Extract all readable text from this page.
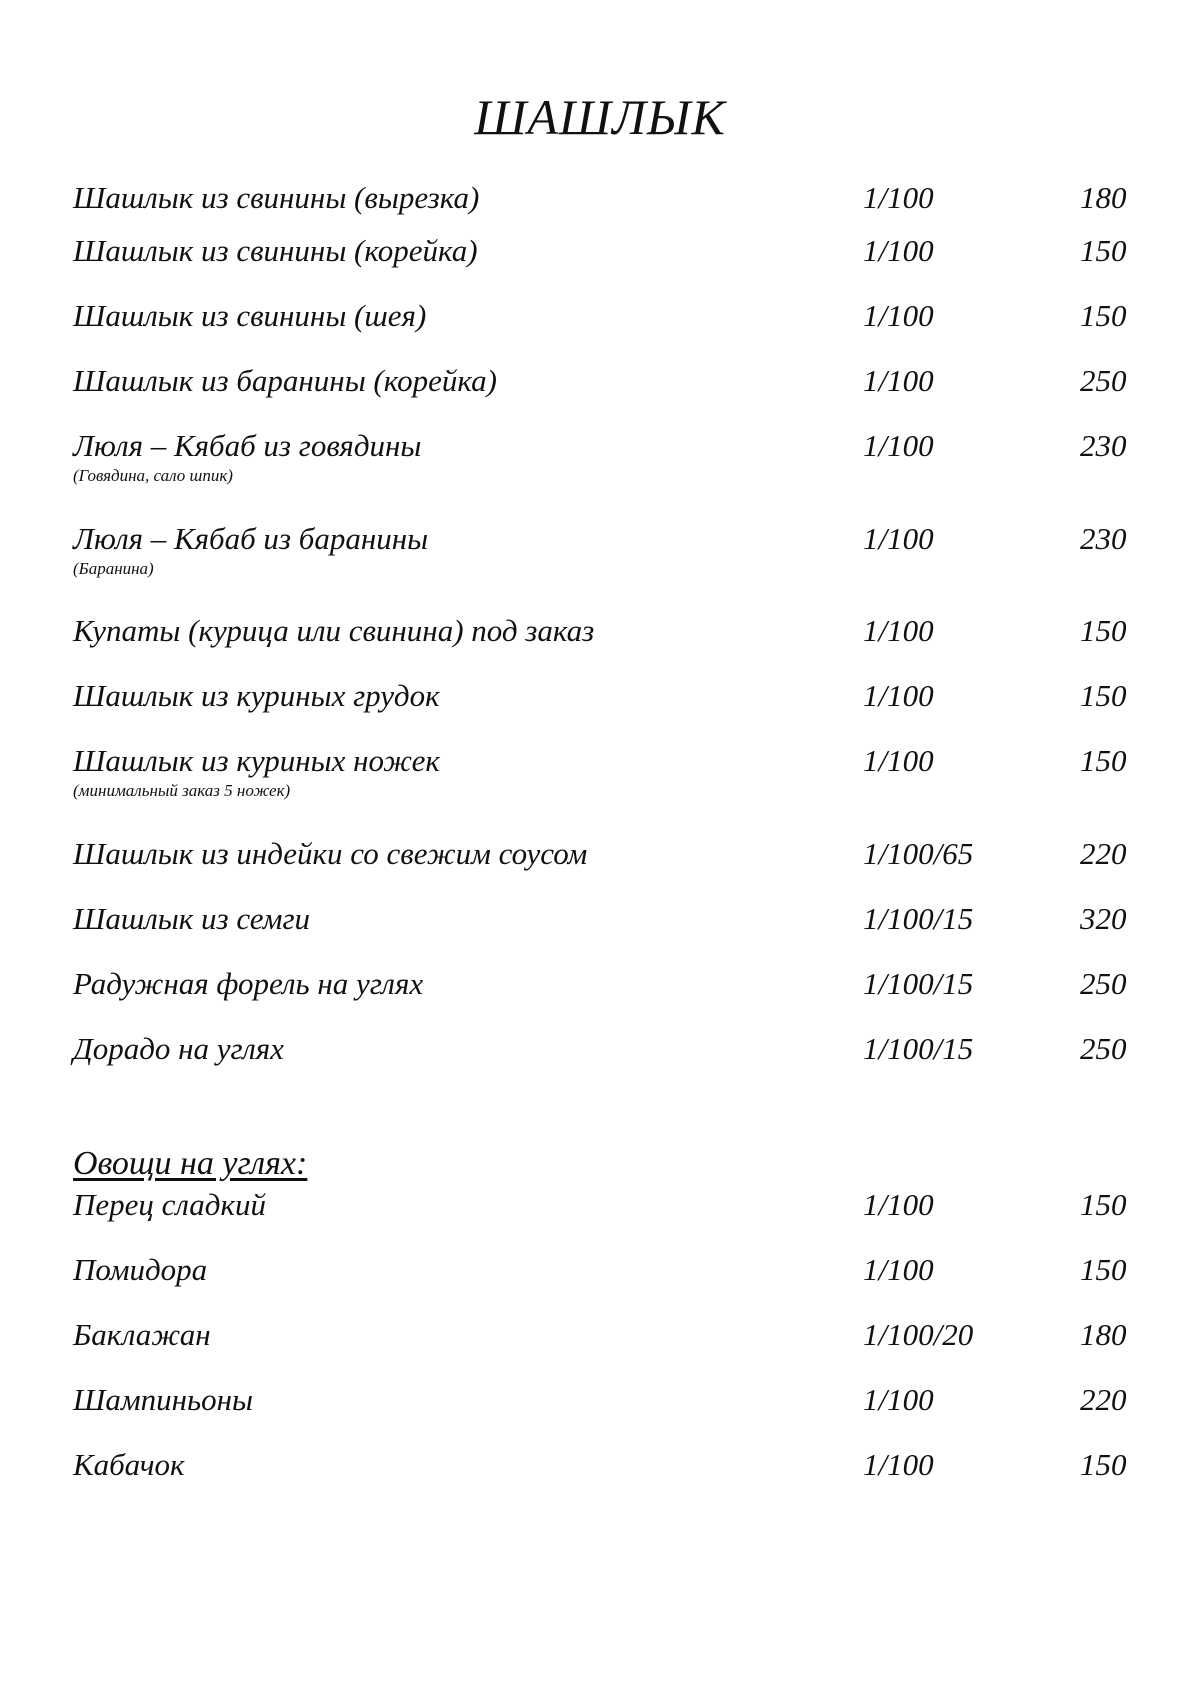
ШАШЛЫК
Шашлык из свинины (вырезка)	1/100	180
Шашлык из свинины (корейка)	1/100	150
Шашлык из свинины (шея)	1/100	150
Шашлык из баранины (корейка)	1/100	250
Люля – Кябаб из говядины	1/100	230
(Говядина, сало шпик)
Люля – Кябаб из баранины	1/100	230
(Баранина)
Купаты (курица или свинина) под заказ	1/100	150
Шашлык из куриных грудок	1/100	150
Шашлык из куриных ножек	1/100	150
(минимальный заказ 5 ножек)
Шашлык из индейки со свежим соусом	1/100/65	220
Шашлык из семги	1/100/15	320
Радужная форель на углях	1/100/15	250
Дорадо на углях	1/100/15	250
Овощи на углях:
Перец сладкий	1/100	150
Помидора	1/100	150
Баклажан	1/100/20	180
Шампиньоны	1/100	220
Кабачок	1/100	150
